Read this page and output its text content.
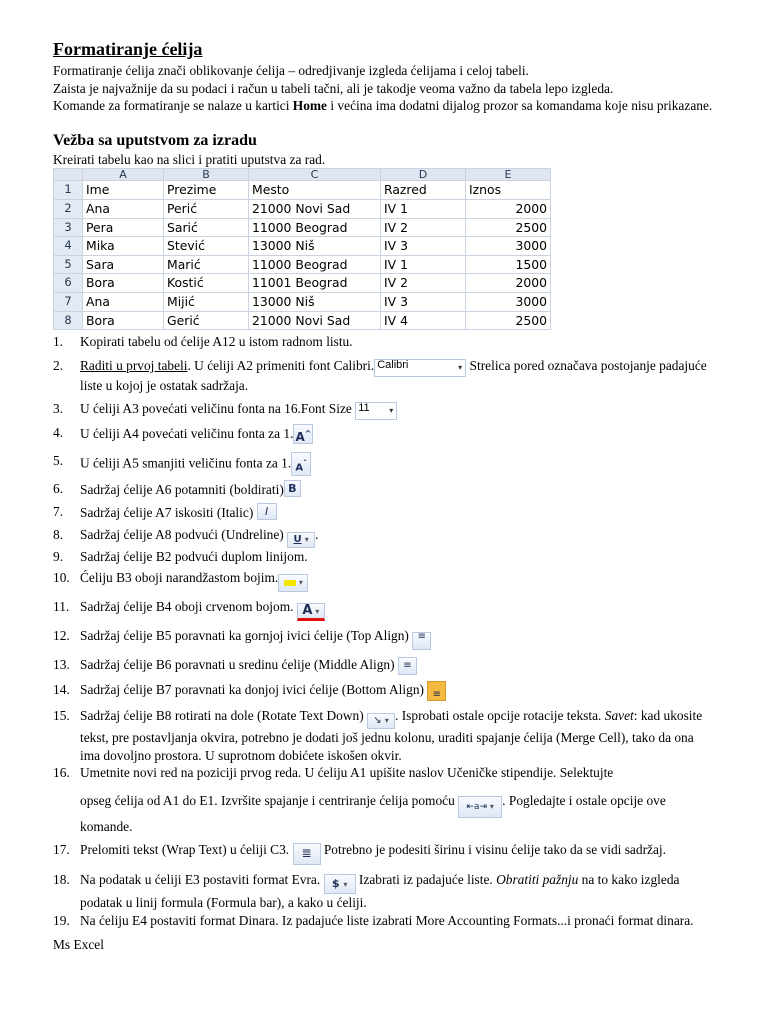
Formatiranje ćelija

Formatiranje ćelija znači oblikovanje ćelija – odredjivanje izgleda ćelijama i celoj tabeli.

Zaista je najvažnije da su podaci i račun u tabeli tačni, ali je takodje veoma važno da tabela lepo izgleda.

Komande za formatiranje se nalaze u kartici Home i većina ima dodatni dijalog prozor sa komandama koje nisu prikazane.

Vežba sa uputstvom za izradu

Kreirati tabelu kao na slici i pratiti uputstva za rad.

	A	B	C	D	E
1	Ime	Prezime	Mesto	Razred	Iznos
2	Ana	Perić	21000 Novi Sad	IV 1	2000
3	Pera	Sarić	11000 Beograd	IV 2	2500
4	Mika	Stević	13000 Niš	IV 3	3000
5	Sara	Marić	11000 Beograd	IV 1	1500
6	Bora	Kostić	11001 Beograd	IV 2	2000
7	Ana	Mijić	13000 Niš	IV 3	3000
8	Bora	Gerić	21000 Novi Sad	IV 4	2500
1. Kopirati tabelu od ćelije A12 u istom radnom listu.
2. Raditi u prvoj tabeli. U ćeliji A2 primeniti font Calibri. Calibri	▾ Strelica pored označava postojanje padajuće liste u kojoj je ostatak sadržaja.
3. U ćeliji A3 povećati veličinu fonta na 16.Font Size 11 ▾
4. U ćeliji A4 povećati veličinu fonta za 1. A^
5. U ćeliji A5 smanjiti veličinu fonta za 1. $A^ˇ$
6. Sadržaj ćelije A6 potamniti (boldirati) B
7. Sadržaj ćelije A7 iskositi (Italic) I
8. Sadržaj ćelije A8 podvući (Undreline) U ▾ .
9. Sadržaj ćelije B2 podvući duplom linijom.
10. Ćeliju B3 oboji narandžastom bojim.	▾
11. Sadržaj ćelije B4 oboji crvenom bojom. A ▾
12. Sadržaj ćelije B5 poravnati ka gornjoj ivici ćelije (Top Align) ≡
13. Sadržaj ćelije B6 poravnati u sredinu ćelije (Middle Align) ≡
14. Sadržaj ćelije B7 poravnati ka donjoj ivici ćelije (Bottom Align) ≡
15. Sadržaj ćelije B8 rotirati na dole (Rotate Text Down) ↘ ▾ . Isprobati ostale opcije rotacije teksta. Savet: kad ukosite tekst, pre postavljanja okvira, potrebno je dodati još jednu kolonu, uraditi spajanje ćelija (Merge Cell), tako da ona ima dovoljno prostora. U suprotnom dobićete iskošen okvir.
16. Umetnite novi red na poziciji prvog reda. U ćeliju A1 upišite naslov Učeničke stipendije. Selektujte
opseg ćelija od A1 do E1. Izvršite spajanje i centriranje ćelija pomoću ⇤a⇥ ▾ . Pogledajte i ostale opcije ove komande.
17. Prelomiti tekst (Wrap Text) u ćeliji C3. ≣ Potrebno je podesiti širinu i visinu ćelije tako da se vidi sadržaj.
18. Na podatak u ćeliji E3 postaviti format Evra. $ ▾ Izabrati iz padajuće liste. Obratiti pažnju na to kako izgleda podatak u linij formula (Formula bar), a kako u ćeliji.
19. Na ćeliju E4 postaviti format Dinara. Iz padajuće liste izabrati More Accounting Formats...i pronaći format dinara.
Ms Excel
